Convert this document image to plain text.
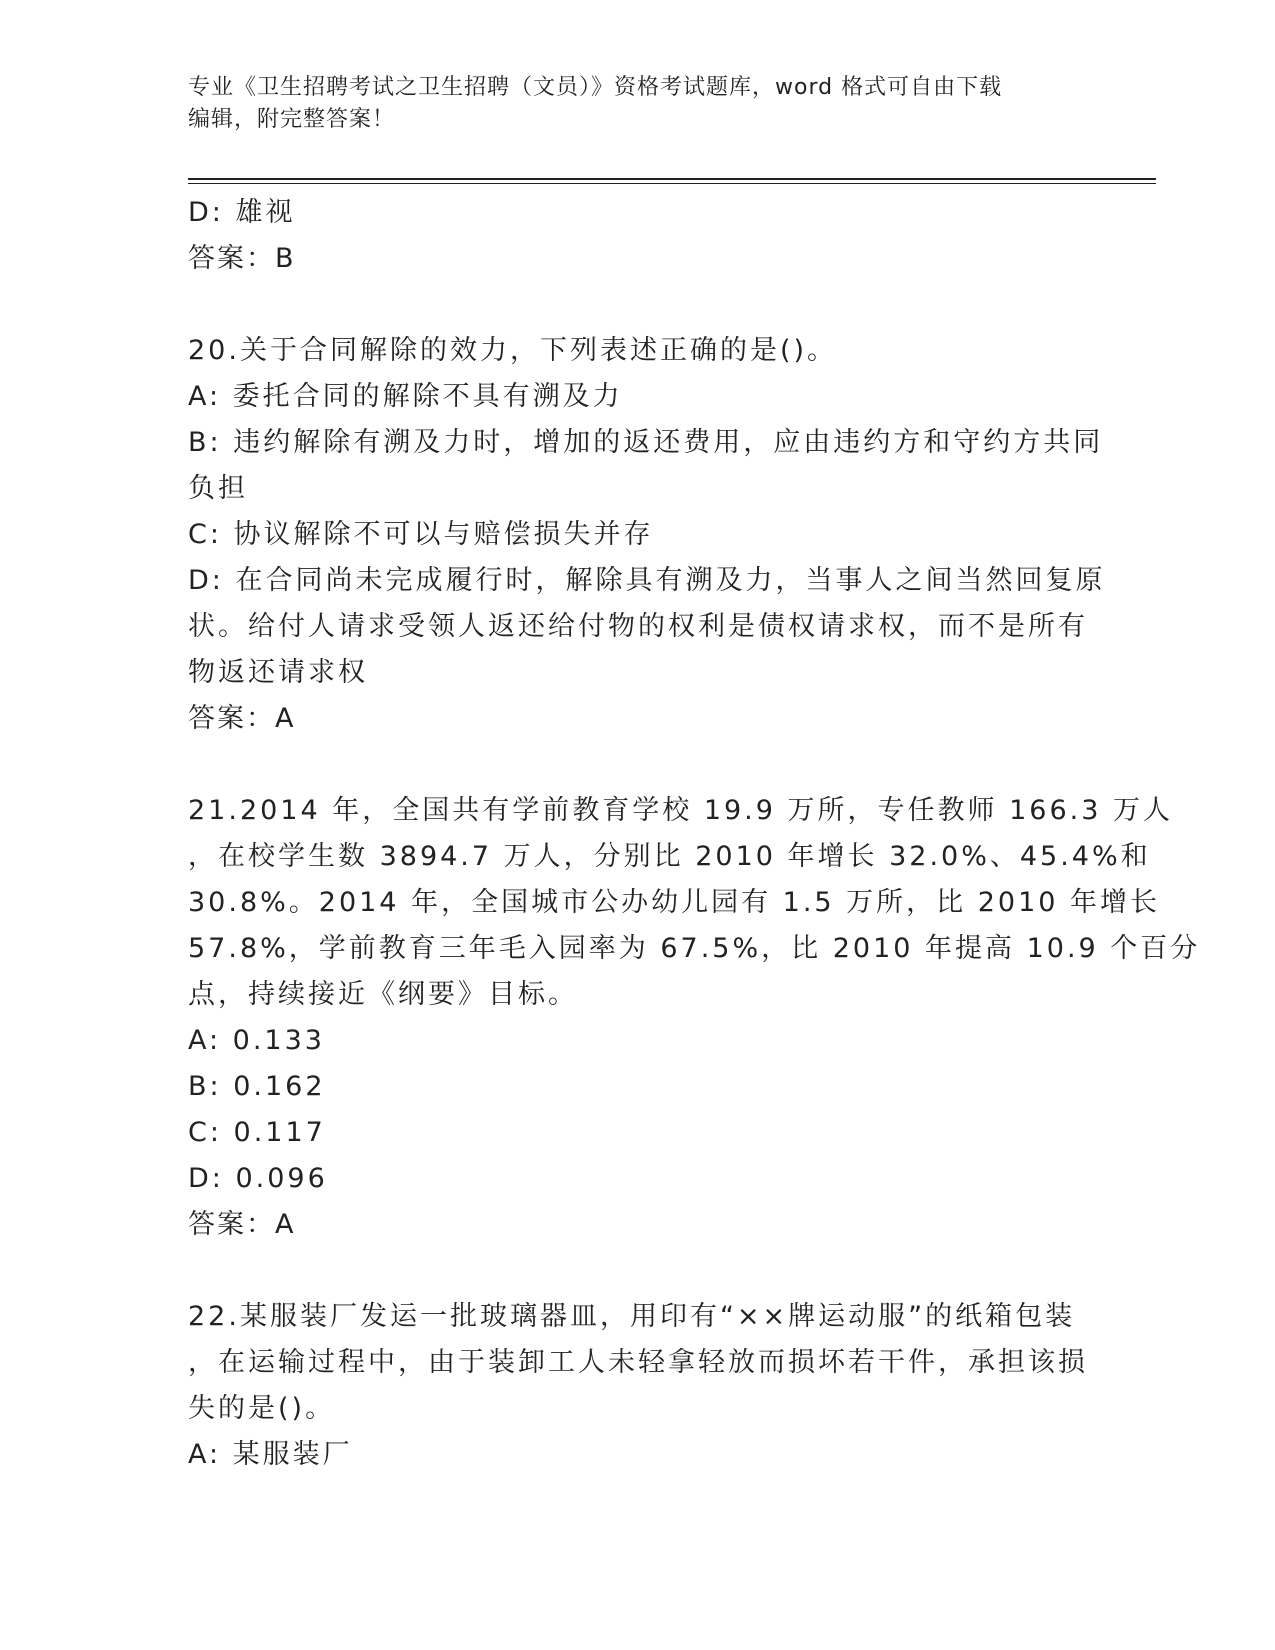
专业《卫生招聘考试之卫生招聘（文员）》资格考试题库，word 格式可自由下载
编辑，附完整答案！
D: 雄视
答案：B
20.关于合同解除的效力，下列表述正确的是()。
A: 委托合同的解除不具有溯及力
B: 违约解除有溯及力时，增加的返还费用，应由违约方和守约方共同
负担
C: 协议解除不可以与赔偿损失并存
D: 在合同尚未完成履行时，解除具有溯及力，当事人之间当然回复原
状。给付人请求受领人返还给付物的权利是债权请求权，而不是所有
物返还请求权
答案：A
21.2014 年，全国共有学前教育学校 19.9 万所，专任教师 166.3 万人
，在校学生数 3894.7 万人，分别比 2010 年增长 32.0%、45.4%和
30.8%。2014 年，全国城市公办幼儿园有 1.5 万所，比 2010 年增长
57.8%，学前教育三年毛入园率为 67.5%，比 2010 年提高 10.9 个百分
点，持续接近《纲要》目标。
A: 0.133
B: 0.162
C: 0.117
D: 0.096
答案：A
22.某服装厂发运一批玻璃器皿，用印有“××牌运动服”的纸箱包装
，在运输过程中，由于装卸工人未轻拿轻放而损坏若干件，承担该损
失的是()。
A: 某服装厂
